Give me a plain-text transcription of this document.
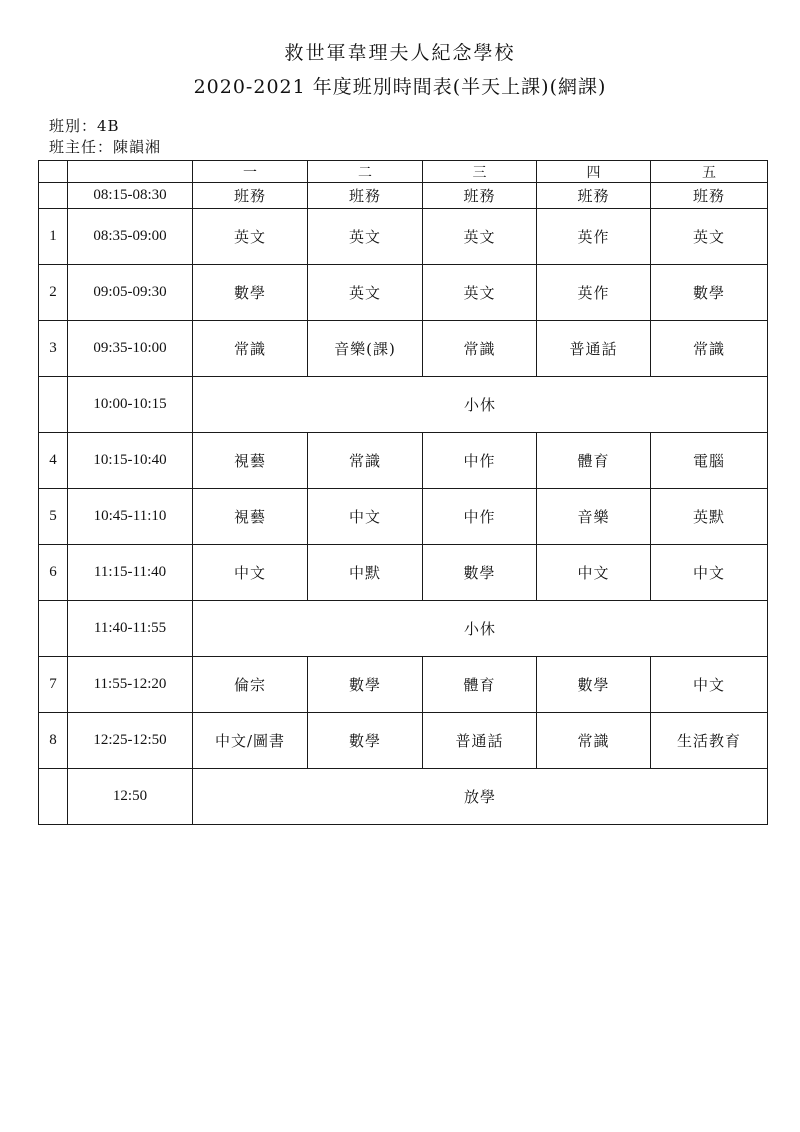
救世軍韋理夫人紀念學校
2020-2021 年度班別時間表(半天上課)(網課)
班別：4B
班主任：陳韻湘
		一	二	三	四	五
	08:15-08:30	班務	班務	班務	班務	班務
1	08:35-09:00	英文	英文	英文	英作	英文
2	09:05-09:30	數學	英文	英文	英作	數學
3	09:35-10:00	常識	音樂(課)	常識	普通話	常識
	10:00-10:15	小休				
4	10:15-10:40	視藝	常識	中作	體育	電腦
5	10:45-11:10	視藝	中文	中作	音樂	英默
6	11:15-11:40	中文	中默	數學	中文	中文
	11:40-11:55	小休				
7	11:55-12:20	倫宗	數學	體育	數學	中文
8	12:25-12:50	中文/圖書	數學	普通話	常識	生活教育
	12:50	放學				
